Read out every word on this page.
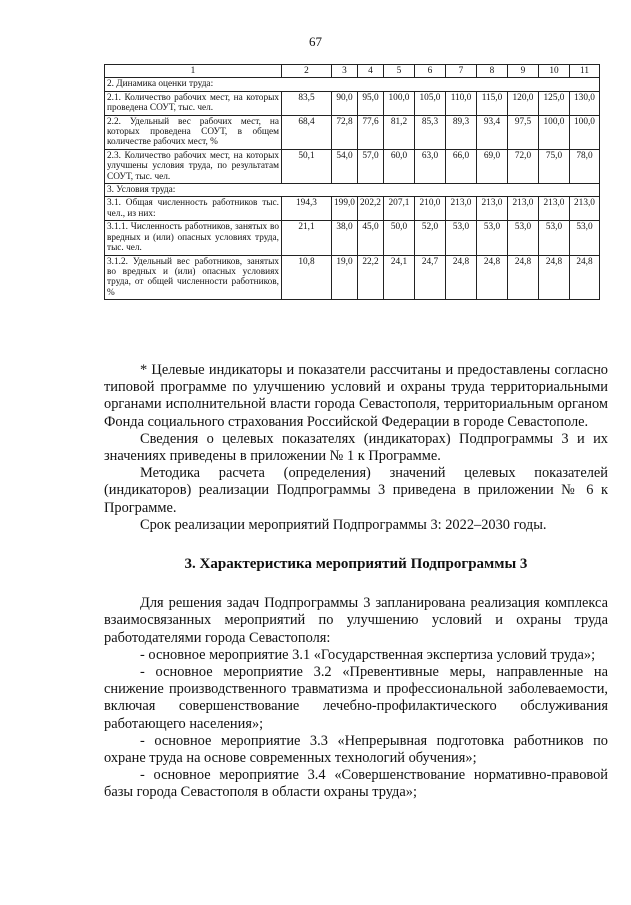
67
1	2	3	4	5	6	7	8	9	10	11
2. Динамика оценки труда:										
2.1. Количество рабочих мест, на которых проведена СОУТ, тыс. чел.	83,5	90,0	95,0	100,0	105,0	110,0	115,0	120,0	125,0	130,0
2.2. Удельный вес рабочих мест, на которых проведена СОУТ, в общем количестве рабочих мест, %	68,4	72,8	77,6	81,2	85,3	89,3	93,4	97,5	100,0	100,0
2.3. Количество рабочих мест, на которых улучшены условия труда, по результатам СОУТ, тыс. чел.	50,1	54,0	57,0	60,0	63,0	66,0	69,0	72,0	75,0	78,0
3. Условия труда:										
3.1. Общая численность работников тыс. чел., из них:	194,3	199,0	202,2	207,1	210,0	213,0	213,0	213,0	213,0	213,0
3.1.1. Численность работников, занятых во вредных и (или) опасных условиях труда, тыс. чел.	21,1	38,0	45,0	50,0	52,0	53,0	53,0	53,0	53,0	53,0
3.1.2. Удельный вес работников, занятых во вредных и (или) опасных условиях труда, от общей численности работников, %	10,8	19,0	22,2	24,1	24,7	24,8	24,8	24,8	24,8	24,8

* Целевые индикаторы и показатели рассчитаны и предоставлены согласно типовой программе по улучшению условий и охраны труда территориальными органами исполнительной власти города Севастополя, территориальным органом Фонда социального страхования Российской Федерации в городе Севастополе.

Сведения о целевых показателях (индикаторах) Подпрограммы 3 и их значениях приведены в приложении № 1 к Программе.

Методика расчета (определения) значений целевых показателей (индикаторов) реализации Подпрограммы 3 приведена в приложении № 6 к Программе.

Срок реализации мероприятий Подпрограммы 3: 2022–2030 годы.

3. Характеристика мероприятий Подпрограммы 3

Для решения задач Подпрограммы 3 запланирована реализация комплекса взаимосвязанных мероприятий по улучшению условий и охраны труда работодателями города Севастополя:

- основное мероприятие 3.1 «Государственная экспертиза условий труда»;

- основное мероприятие 3.2 «Превентивные меры, направленные на снижение производственного травматизма и профессиональной заболеваемости, включая совершенствование лечебно-профилактического обслуживания работающего населения»;

- основное мероприятие 3.3 «Непрерывная подготовка работников по охране труда на основе современных технологий обучения»;

- основное мероприятие 3.4 «Совершенствование нормативно-правовой базы города Севастополя в области охраны труда»;
